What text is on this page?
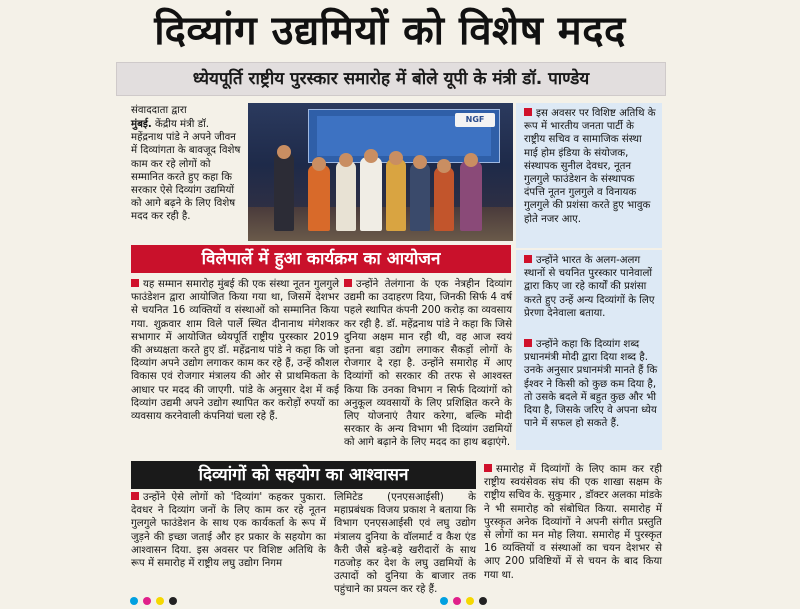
दिव्यांग उद्यमियों को विशेष मदद
ध्येयपूर्ति राष्ट्रीय पुरस्कार समारोह में बोले यूपी के मंत्री डॉ. पाण्डेय
संवाददाता द्वारा
मुंबई. केंद्रीय मंत्री डॉ. महेंद्रनाथ पांडे ने अपने जीवन में दिव्यांगता के बावजूद विशेष काम कर रहे लोगों को सम्मानित करते हुए कहा कि सरकार ऐसे दिव्यांग उद्यमियों को आगे बढ़ने के लिए विशेष मदद कर रही है.
NGF
इस अवसर पर विशिष्ट अतिथि के रूप में भारतीय जनता पार्टी के राष्ट्रीय सचिव व सामाजिक संस्था माई होम इंडिया के संयोजक, संस्थापक सुनील देवधर, नूतन गुलगुले फाउंडेशन के संस्थापक दंपत्ति नूतन गुलगुले व विनायक गुलगुले की प्रशंसा करते हुए भावुक होते नजर आए.
उन्होंने भारत के अलग-अलग स्थानों से चयनित पुरस्कार पानेवालों द्वारा किए जा रहे कार्यों की प्रशंसा करते हुए उन्हें अन्य दिव्यांगों के लिए प्रेरणा देनेवाला बताया.
उन्होंने कहा कि दिव्यांग शब्द प्रधानमंत्री मोदी द्वारा दिया शब्द है. उनके अनुसार प्रधानमंत्री मानते हैं कि ईश्वर ने किसी को कुछ कम दिया है, तो उसके बदले में बहुत कुछ और भी दिया है, जिसके जरिए वे अपना ध्येय पाने में सफल हो सकते हैं.
विलेपार्ले में हुआ कार्यक्रम का आयोजन
यह सम्मान समारोह मुंबई की एक संस्था नूतन गुलगुले फाउंडेशन द्वारा आयोजित किया गया था, जिसमें देशभर से चयनित 16 व्यक्तियों व संस्थाओं को सम्मानित किया गया. शुक्रवार शाम विले पार्ले स्थित दीनानाथ मंगेशकर सभागार में आयोजित ध्येयपूर्ति राष्ट्रीय पुरस्कार 2019 की अध्यक्षता करते हुए डॉ. महेंद्रनाथ पांडे ने कहा कि जो दिव्यांग अपने उद्योग लगाकर काम कर रहे हैं, उन्हें कौशल विकास एवं रोजगार मंत्रालय की ओर से प्राथमिकता के आधार पर मदद की जाएगी. पांडे के अनुसार देश में कई दिव्यांग उद्यमी अपने उद्योग स्थापित कर करोड़ों रुपयों का व्यवसाय करनेवाली कंपनियां चला रहे हैं.
उन्होंने तेलंगाना के एक नेत्रहीन दिव्यांग उद्यमी का उदाहरण दिया, जिनकी सिर्फ 4 वर्ष पहले स्थापित कंपनी 200 करोड़ का व्यवसाय कर रही है. डॉ. महेंद्रनाथ पांडे ने कहा कि जिसे दुनिया अक्षम मान रही थी, वह आज स्वयं इतना बड़ा उद्योग लगाकर सैकड़ों लोगों के रोजगार दे रहा है. उन्होंने समारोह में आए दिव्यांगों को सरकार की तरफ से आश्वस्त किया कि उनका विभाग न सिर्फ दिव्यांगों को अनुकूल व्यवसायों के लिए प्रशिक्षित करने के लिए योजनाएं तैयार करेगा, बल्कि मोदी सरकार के अन्य विभाग भी दिव्यांग उद्यमियों को आगे बढ़ाने के लिए मदद का हाथ बढ़ाएंगे.
दिव्यांगों को सहयोग का आश्वासन
उन्होंने ऐसे लोगों को 'दिव्यांग' कहकर पुकारा. देवधर ने दिव्यांग जनों के लिए काम कर रहे नूतन गुलगुले फाउंडेशन के साथ एक कार्यकर्ता के रूप में जुड़ने की इच्छा जताई और हर प्रकार के सहयोग का आश्वासन दिया. इस अवसर पर विशिष्ट अतिथि के रूप में समारोह में राष्ट्रीय लघु उद्योग निगम
लिमिटेड (एनएसआईसी) के महाप्रबंधक विजय प्रकाश ने बताया कि विभाग एनएसआईसी एवं लघु उद्योग मंत्रालय दुनिया के वॉलमार्ट व कैश एंड कैरी जैसे बड़े-बड़े खरीदारों के साथ गठजोड़ कर देश के लघु उद्यमियों के उत्पादों को दुनिया के बाजार तक पहुंचाने का प्रयत्न कर रहे हैं.
समारोह में दिव्यांगों के लिए काम कर रही राष्ट्रीय स्वयंसेवक संघ की एक शाखा सक्षम के राष्ट्रीय सचिव के. सुकुमार , डॉक्टर अलका मांडके ने भी समारोह को संबोधित किया. समारोह में पुरस्कृत अनेक दिव्यांगों ने अपनी संगीत प्रस्तुति से लोगों का मन मोह लिया. समारोह में पुरस्कृत 16 व्यक्तियों व संस्थाओं का चयन देशभर से आए 200 प्रविष्टियों में से चयन के बाद किया गया था.
